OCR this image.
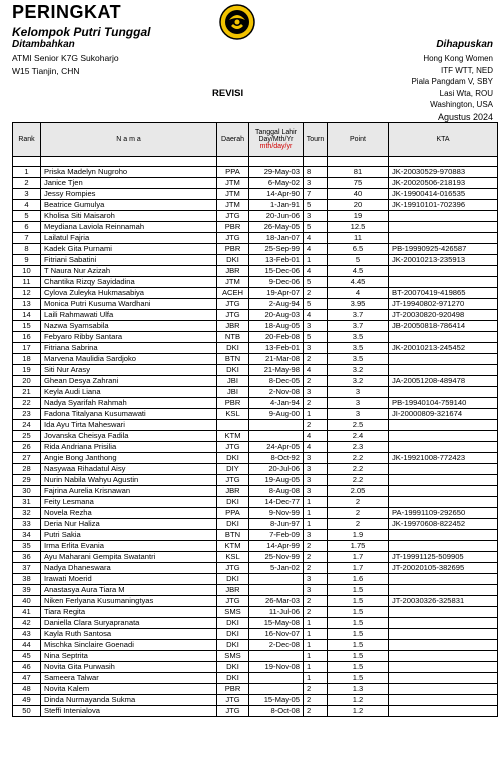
PERINGKAT
Kelompok Putri Tunggal
Ditambahkan
ATMI Senior K7G Sukoharjo
W15 Tianjin, CHN
REVISI
Dihapuskan
Hong Kong Women
ITF WTT, NED
Piala Pangdam V, SBY
Lasi Wta, ROU
Washington, USA
Agustus 2024
Rank	N a m a	Daerah	Tanggal Lahir Day/Mth/Yr
mth/day/yr	Tourn	Point	KTA

1	Priska Madelyn Nugroho	PPA	29-May-03	8	81	JK-20030529-970883
2	Janice Tjen	JTM	6-May-02	3	75	JK-20020506-218193
3	Jessy Rompies	JTM	14-Apr-90	7	40	JK-19900414-016535
4	Beatrice Gumulya	JTM	1-Jan-91	5	20	JK-19910101-702396
5	Kholisa Siti Maisaroh	JTG	20-Jun-06	3	19	
6	Meydiana Laviola Reinnamah	PBR	26-May-05	5	12.5	
7	Lailatul Fajria	JTG	18-Jan-07	4	11	
8	Kadek Gita Purnami	PBR	25-Sep-99	4	6.5	PB-19990925-426587
9	Fitriani Sabatini	DKI	13-Feb-01	1	5	JK-20010213-235913
10	T Naura Nur Azizah	JBR	15-Dec-06	4	4.5	
11	Chantika Rizqy Sayidadina	JTM	9-Dec-06	5	4.45	
12	Cylova Zuleyka Hukmasabiya	ACEH	19-Apr-07	2	4	BT-20070419-419865
13	Monica Putri Kusuma Wardhani	JTG	2-Aug-94	5	3.95	JT-19940802-971270
14	Laili Rahmawati Ulfa	JTG	20-Aug-03	4	3.7	JT-20030820-920498
15	Nazwa Syamsabila	JBR	18-Aug-05	3	3.7	JB-20050818-786414
16	Febyaro Ribby Santara	NTB	20-Feb-08	5	3.5	
17	Fitriana Sabrina	DKI	13-Feb-01	3	3.5	JK-20010213-245452
18	Marvena Maulidia Sardjoko	BTN	21-Mar-08	2	3.5	
19	Siti Nur Arasy	DKI	21-May-98	4	3.2	
20	Ghean Desya Zahrani	JBI	8-Dec-05	2	3.2	JA-20051208-489478
21	Keyla Audi Liana	JBI	2-Nov-08	3	3	
22	Nadya Syarifah Rahmah	PBR	4-Jan-94	2	3	PB-19940104-759140
23	Fadona Titalyana Kusumawati	KSL	9-Aug-00	1	3	JI-20000809-321674
24	Ida Ayu Tirta Maheswari			2	2.5	
25	Jovanska Cheisya Fadila	KTM		4	2.4	
26	Rida Andriana Prisilia	JTG	24-Apr-05	4	2.3	
27	Angie Bong Janthong	DKI	8-Oct-92	3	2.2	JK-19921008-772423
28	Nasywaa Rihadatul Aisy	DIY	20-Jul-06	3	2.2	
29	Nurin Nabila Wahyu Agustin	JTG	19-Aug-05	3	2.2	
30	Fajrina Aurelia Krisnawan	JBR	8-Aug-08	3	2.05	
31	Feity Lesmana	DKI	14-Dec-77	1	2	
32	Novela Rezha	PPA	9-Nov-99	1	2	PA-19991109-292650
33	Deria Nur Haliza	DKI	8-Jun-97	1	2	JK-19970608-822452
34	Putri Sakia	BTN	7-Feb-09	3	1.9	
35	Irma Erlita Evania	KTM	14-Apr-99	2	1.75	
36	Ayu Maharani Gempita Swatantri	KSL	25-Nov-99	2	1.7	JT-19991125-509905
37	Nadya Dhaneswara	JTG	5-Jan-02	2	1.7	JT-20020105-382695
38	Irawati Moerid	DKI		3	1.6	
39	Anastasya Aura Tiara M	JBR		3	1.5	
40	Niken Ferlyana Kusumaningtyas	JTG	26-Mar-03	2	1.5	JT-20030326-325831
41	Tiara Regita	SMS	11-Jul-06	2	1.5	
42	Daniella Clara Suryapranata	DKI	15-May-08	1	1.5	
43	Kayla Ruth Santosa	DKI	16-Nov-07	1	1.5	
44	Mischka Sinclaire Goenadi	DKI	2-Dec-08	1	1.5	
45	Nina Septrita	SMS		1	1.5	
46	Novita Gita Purwasih	DKI	19-Nov-08	1	1.5	
47	Sameera Talwar	DKI		1	1.5	
48	Novita Kalem	PBR		2	1.3	
49	Dinda Nurmayanda Sukma	JTG	15-May-05	2	1.2	
50	Steffi Intenialova	JTG	8-Oct-08	2	1.2	
